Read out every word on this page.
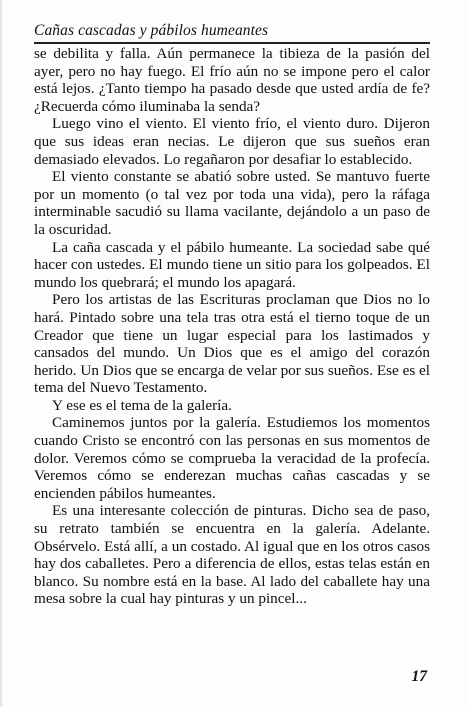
Cañas cascadas y pábilos humeantes

se debilita y falla. Aún permanece la tibieza de la pasión del ayer, pero no hay fuego. El frío aún no se impone pero el calor está lejos. ¿Tanto tiempo ha pasado desde que usted ardía de fe? ¿Recuerda cómo iluminaba la senda?

Luego vino el viento. El viento frío, el viento duro. Dijeron que sus ideas eran necias. Le dijeron que sus sueños eran demasiado elevados. Lo regañaron por desafiar lo establecido.

El viento constante se abatió sobre usted. Se mantuvo fuerte por un momento (o tal vez por toda una vida), pero la ráfaga interminable sacudió su llama vacilante, dejándolo a un paso de la oscuridad.

La caña cascada y el pábilo humeante. La sociedad sabe qué hacer con ustedes. El mundo tiene un sitio para los golpeados. El mundo los quebrará; el mundo los apagará.

Pero los artistas de las Escrituras proclaman que Dios no lo hará. Pintado sobre una tela tras otra está el tierno toque de un Creador que tiene un lugar especial para los lastimados y cansados del mundo. Un Dios que es el amigo del corazón herido. Un Dios que se encarga de velar por sus sueños. Ese es el tema del Nuevo Testamento.

Y ese es el tema de la galería.

Caminemos juntos por la galería. Estudiemos los momentos cuando Cristo se encontró con las personas en sus momentos de dolor. Veremos cómo se comprueba la veracidad de la profecía. Veremos cómo se enderezan muchas cañas cascadas y se encienden pábilos humeantes.

Es una interesante colección de pinturas. Dicho sea de paso, su retrato también se encuentra en la galería. Adelante. Obsérvelo. Está allí, a un costado. Al igual que en los otros casos hay dos caballetes. Pero a diferencia de ellos, estas telas están en blanco. Su nombre está en la base. Al lado del caballete hay una mesa sobre la cual hay pinturas y un pincel...

17
